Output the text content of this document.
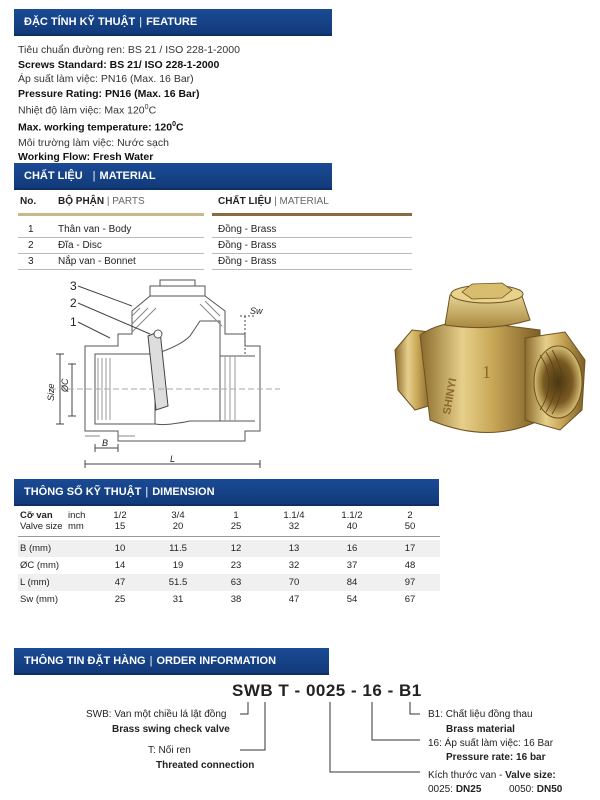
ĐẶC TÍNH KỸ THUẬT | FEATURE
Tiêu chuẩn đường ren: BS 21 / ISO 228-1-2000
Screws Standard: BS 21/ ISO 228-1-2000
Áp suất làm việc: PN16 (Max. 16 Bar)
Pressure Rating: PN16 (Max. 16 Bar)
Nhiệt độ làm việc: Max $120^0C$
Max. working temperature: $120^0C$
Môi trường làm việc: Nước sạch
Working Flow: Fresh Water
CHẤT LIỆU | MATERIAL
No. BỘ PHẬN | PARTS	CHẤT LIỆU | MATERIAL
1 Thân van - Body	Đồng - Brass
2 Đĩa - Disc	Đồng - Brass
3 Nắp van - Bonnet	Đồng - Brass
3
2
1
Sw
Size ØC
B
L
1
SHINYI
THÔNG SỐ KỸ THUẬT | DIMENSION
Cỡ van
Valve size
inch
mm
1/2	3/4	1	1.1/4	1.1/2	2
15	20	25	32	40	50
B (mm)	10	11.5	12	13	16	17
ØC (mm)	14	19	23	32	37	48
L (mm)	47	51.5	63	70	84	97
Sw (mm)	25	31	38	47	54	67
THÔNG TIN ĐẶT HÀNG | ORDER INFORMATION
SWB T - 0025 - 16 - B1
SWB: Van một chiều lá lật đồng
Brass swing check valve
T: Nối ren
Threated connection
B1: Chất liệu đồng thau
Brass material
16: Áp suất làm việc: 16 Bar
Pressure rate: 16 bar
Kích thước van - Valve size:
0025: DN25	0050: DN50
